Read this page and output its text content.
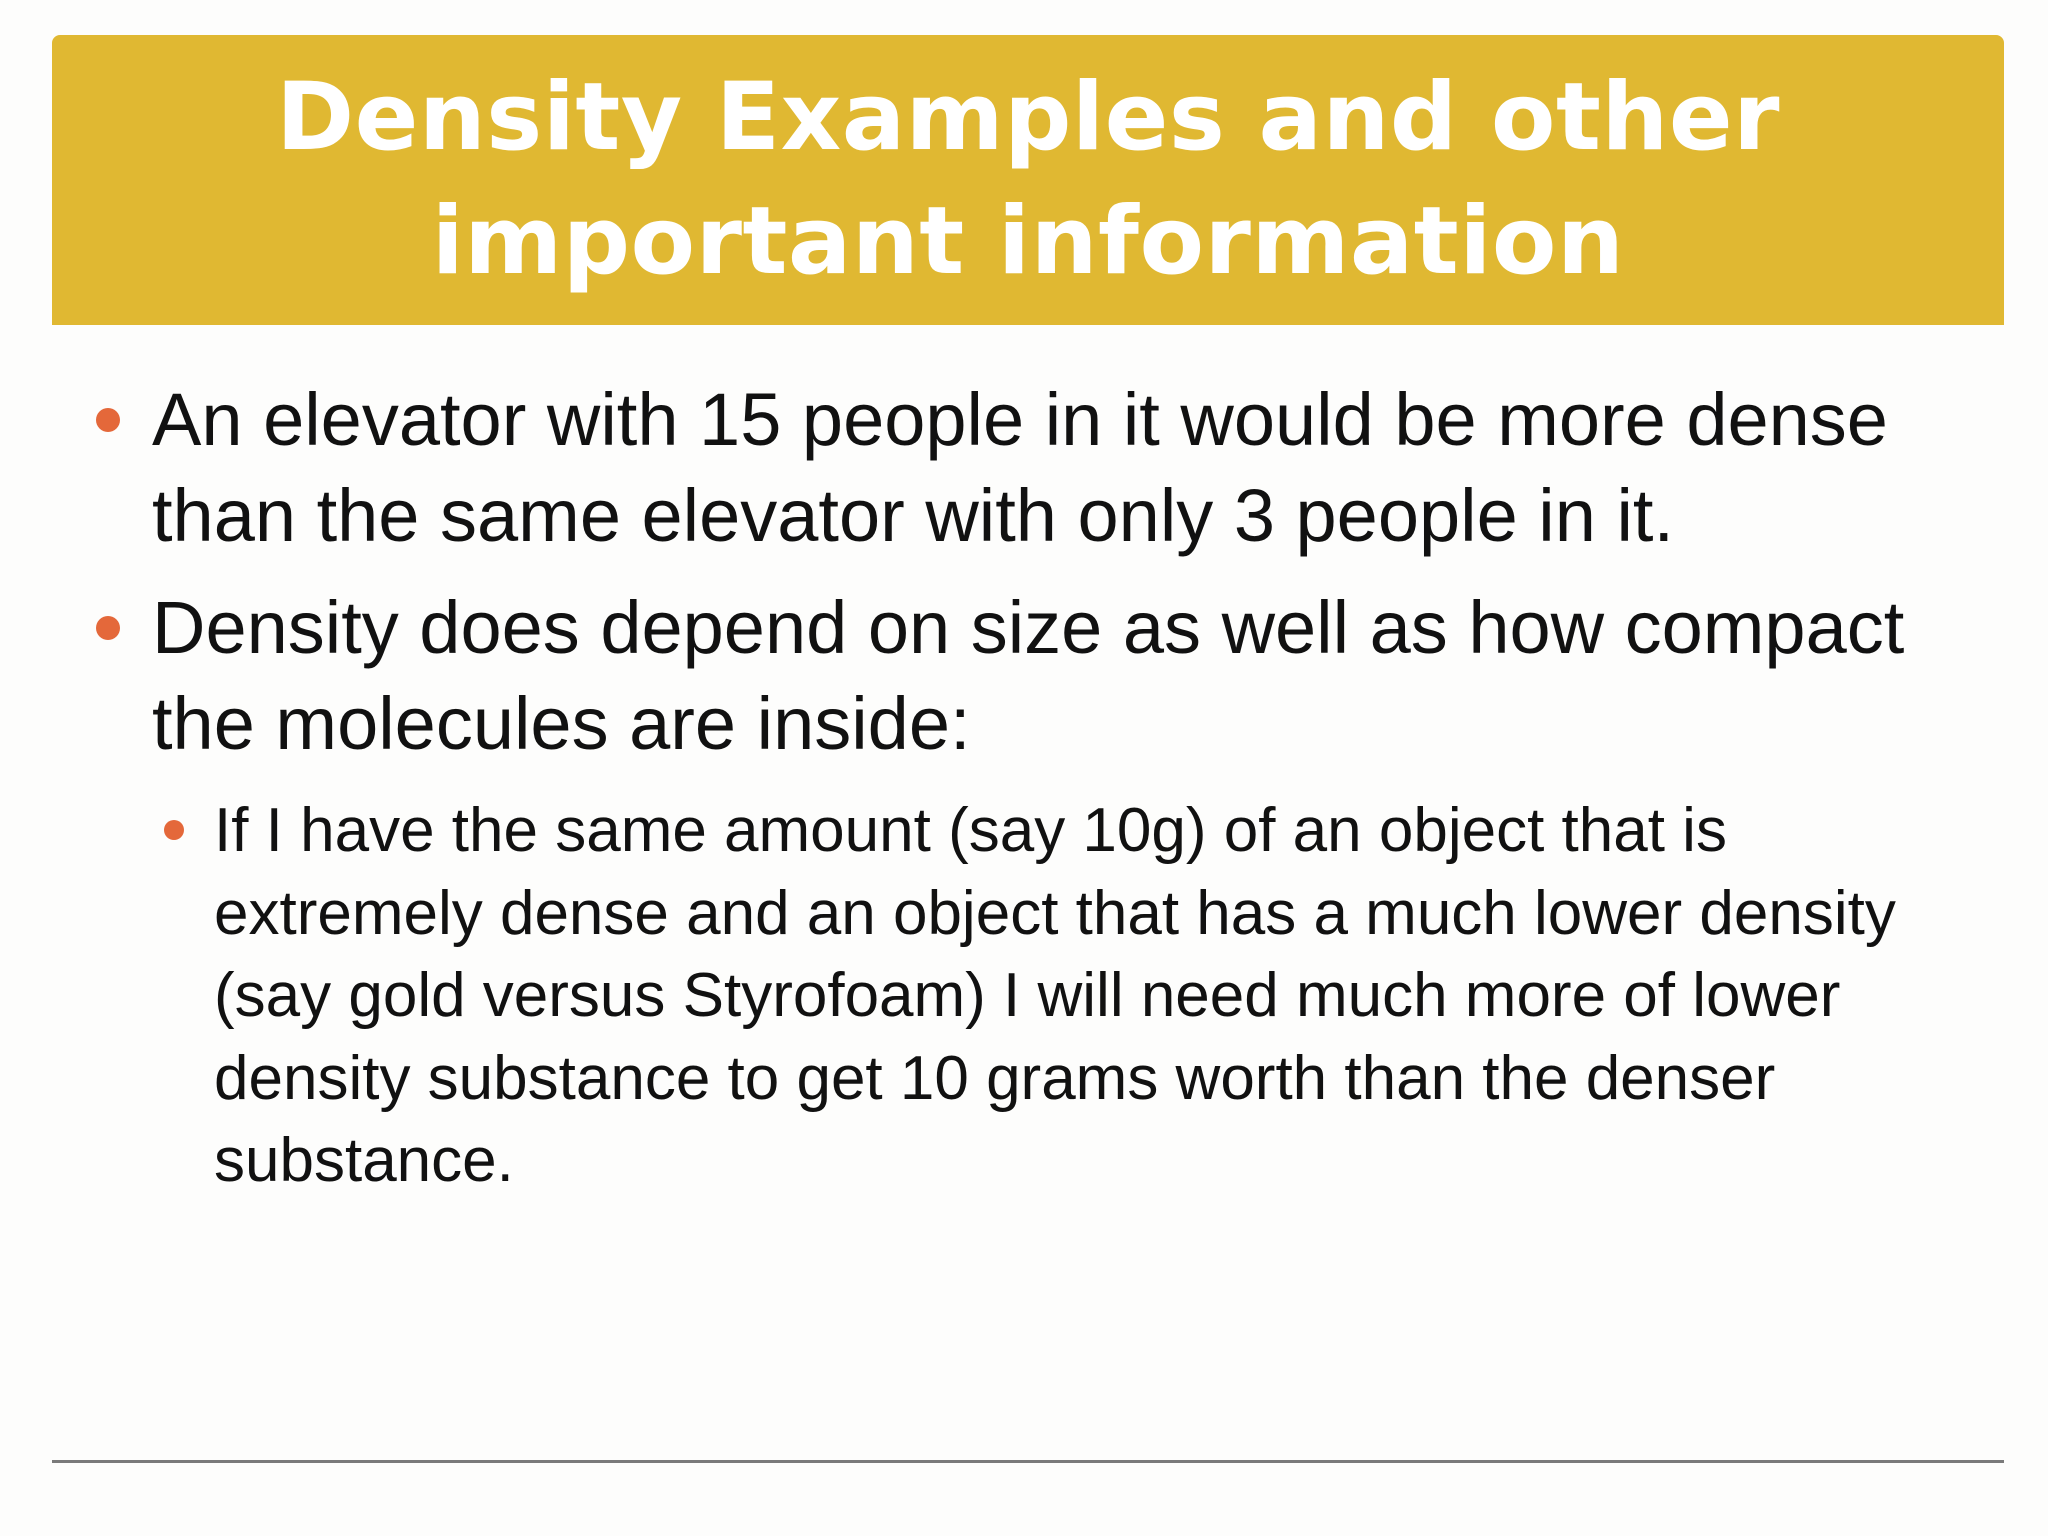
Density Examples and other important information
An elevator with 15 people in it would be more dense than the same elevator with only 3 people in it.
Density does depend on size as well as how compact the molecules are inside:
If I have the same amount (say 10g) of an object that is extremely dense and an object that has a much lower density (say gold versus Styrofoam) I will need much more of lower density substance to get 10 grams worth than the denser substance.
